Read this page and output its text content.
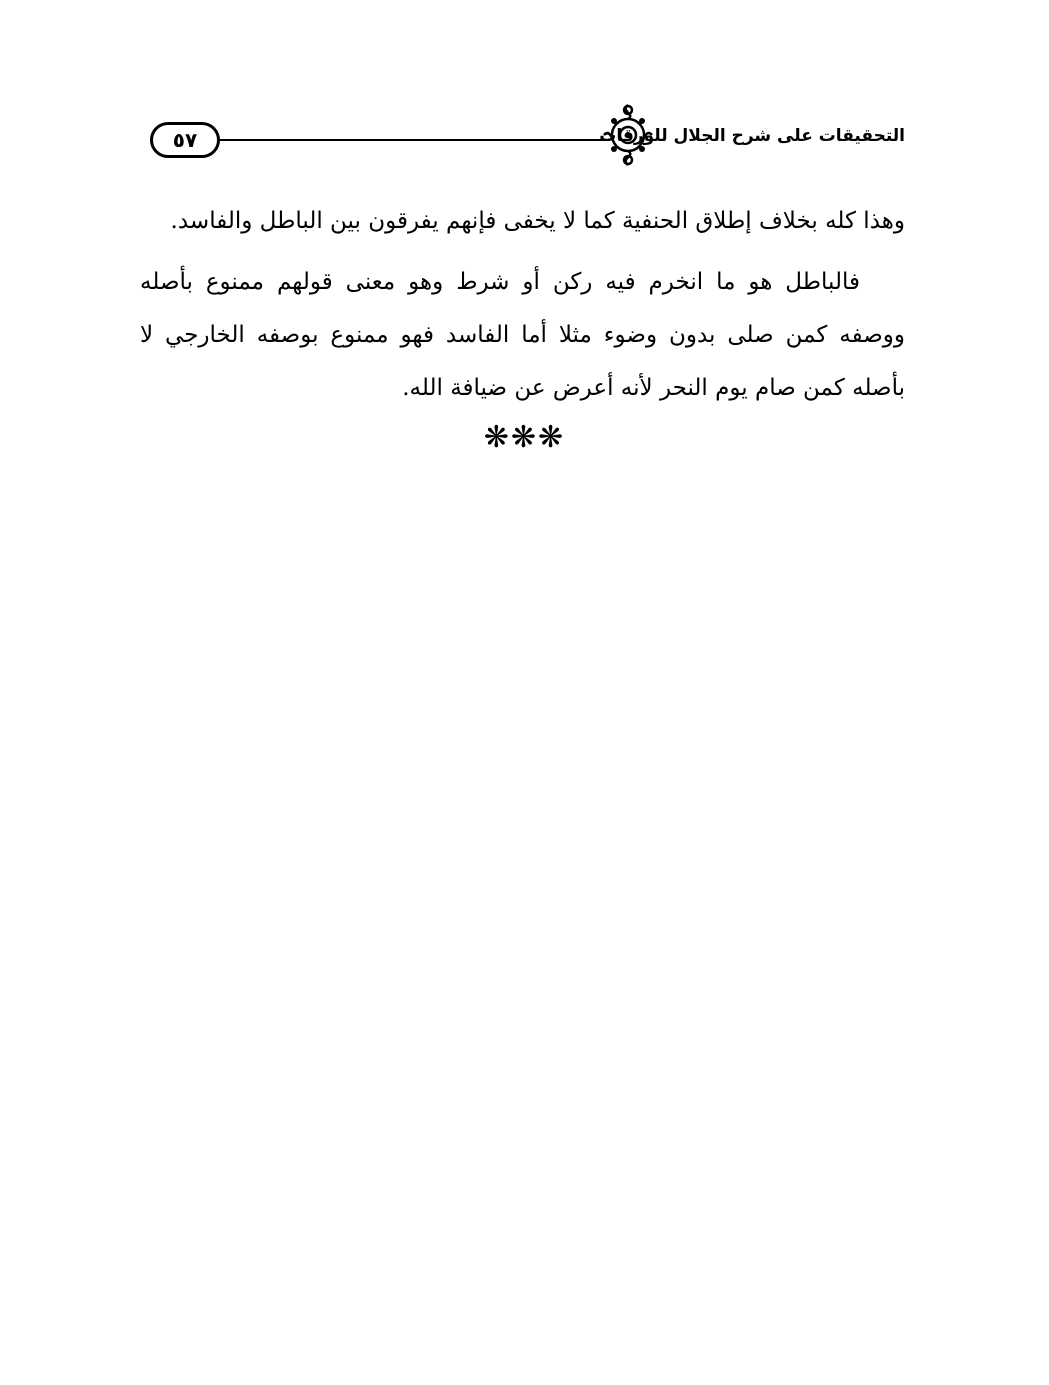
٥٧	التحقيقات على شرح الجلال للورقات

وهذا كله بخلاف إطلاق الحنفية كما لا يخفى فإنهم يفرقون بين الباطل والفاسد.

فالباطل هو ما انخرم فيه ركن أو شرط وهو معنى قولهم ممنوع بأصله ووصفه كمن صلى بدون وضوء مثلا أما الفاسد فهو ممنوع بوصفه الخارجي لا بأصله كمن صام يوم النحر لأنه أعرض عن ضيافة الله.

❋❋❋
